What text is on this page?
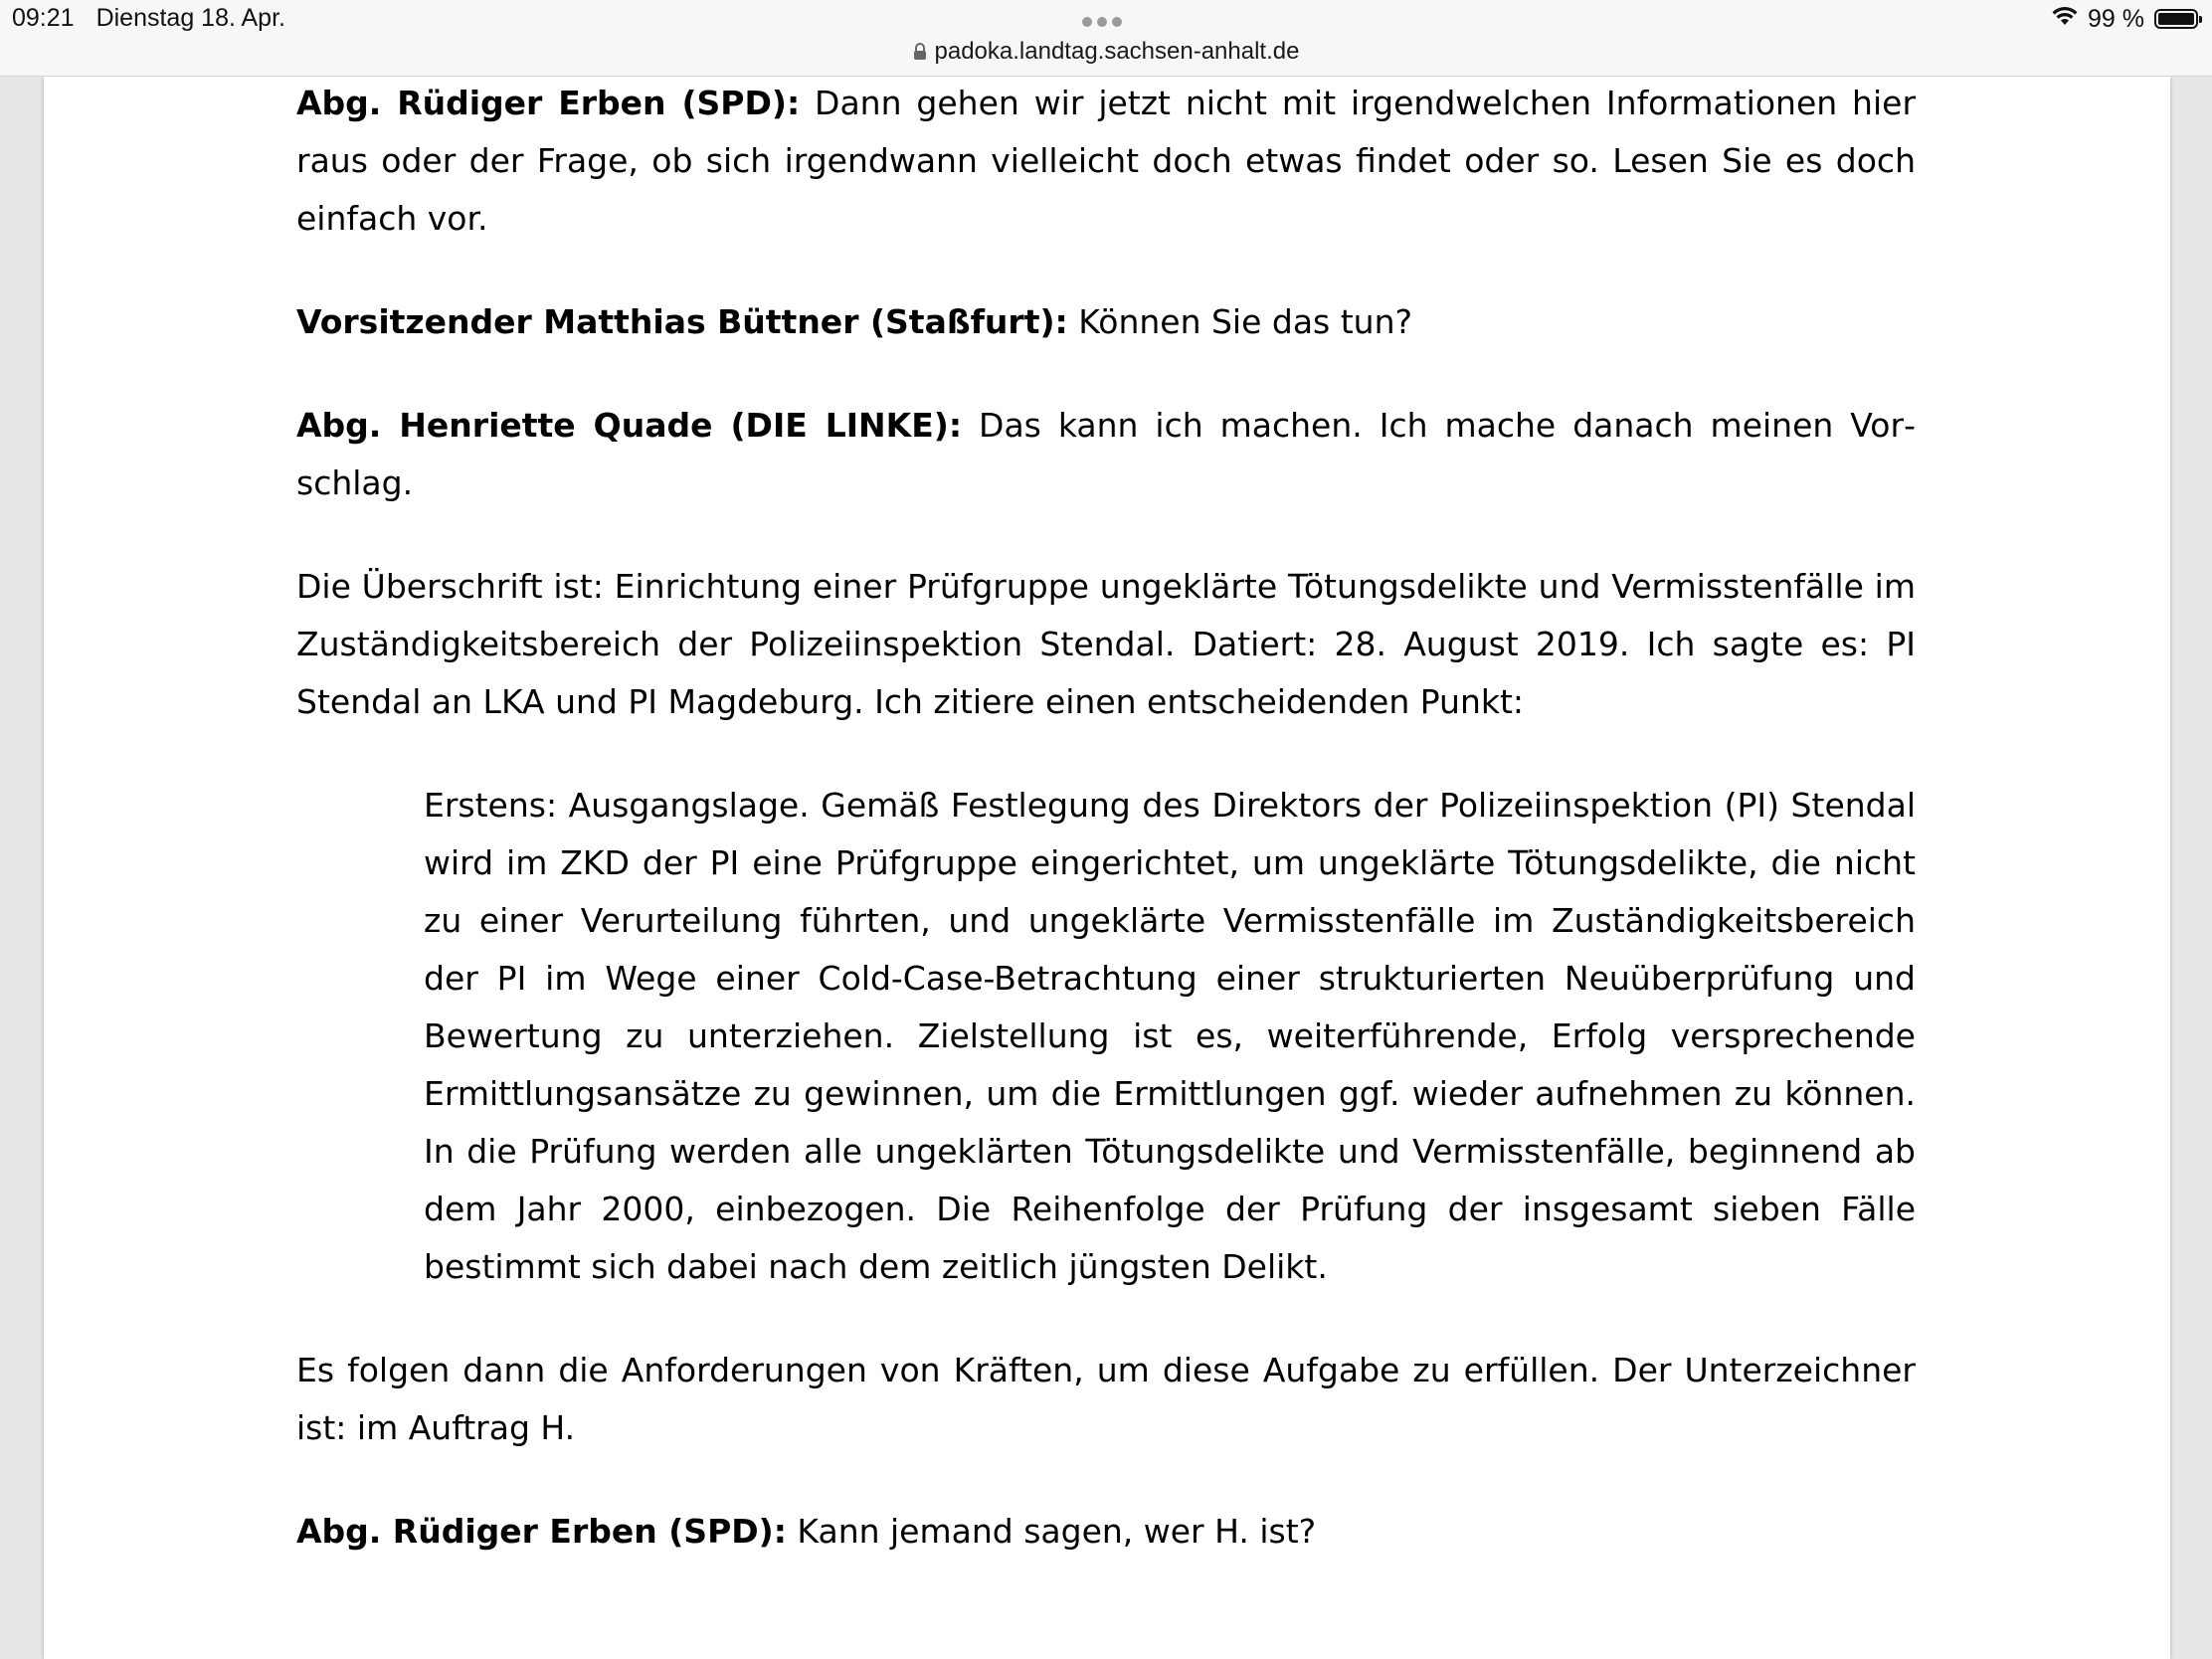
09:21 Dienstag 18. Apr.
padoka.landtag.sachsen-anhalt.de
99 %

Abg. Rüdiger Erben (SPD): Dann gehen wir jetzt nicht mit irgendwelchen Informationen hier raus oder der Frage, ob sich irgendwann vielleicht doch etwas findet oder so. Lesen Sie es doch einfach vor.

Vorsitzender Matthias Büttner (Staßfurt): Können Sie das tun?

Abg. Henriette Quade (DIE LINKE): Das kann ich machen. Ich mache danach meinen Vorschlag.

Die Überschrift ist: Einrichtung einer Prüfgruppe ungeklärte Tötungsdelikte und Vermisstenfälle im Zuständigkeitsbereich der Polizeiinspektion Stendal. Datiert: 28. August 2019. Ich sagte es: PI Stendal an LKA und PI Magdeburg. Ich zitiere einen entscheidenden Punkt:

Erstens: Ausgangslage. Gemäß Festlegung des Direktors der Polizeiinspektion (PI) Stendal wird im ZKD der PI eine Prüfgruppe eingerichtet, um ungeklärte Tötungsdelikte, die nicht zu einer Verurteilung führten, und ungeklärte Vermisstenfälle im Zuständigkeitsbereich der PI im Wege einer Cold-Case-Betrachtung einer strukturierten Neuüberprüfung und Bewertung zu unterziehen. Zielstellung ist es, weiterführende, Erfolg versprechende Ermittlungsansätze zu gewinnen, um die Ermittlungen ggf. wieder aufnehmen zu können. In die Prüfung werden alle ungeklärten Tötungsdelikte und Vermisstenfälle, beginnend ab dem Jahr 2000, einbezogen. Die Reihenfolge der Prüfung der insgesamt sieben Fälle bestimmt sich dabei nach dem zeitlich jüngsten Delikt.

Es folgen dann die Anforderungen von Kräften, um diese Aufgabe zu erfüllen. Der Unterzeichner ist: im Auftrag H.

Abg. Rüdiger Erben (SPD): Kann jemand sagen, wer H. ist?
